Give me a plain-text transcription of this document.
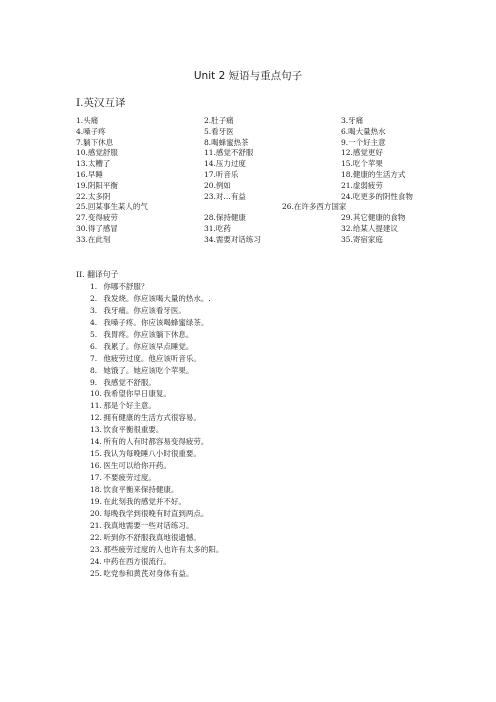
Unit 2 短语与重点句子
Ⅰ.英汉互译
1.头痛	2.肚子痛	3.牙痛
4.嗓子疼	5.看牙医	6.喝大量热水
7.躺下休息	8.喝蜂蜜热茶	9.一个好主意
10.感觉舒服	11.感觉不舒服	12.感觉更好
13.太糟了	14.压力过度	15.吃个苹果
16.早睡	17.听音乐	18.健康的生活方式
19.阴阳平衡	20.例如	21.虚弱疲劳
22.太多阴	23.对…有益	24.吃更多的阴性食物
25.回某事生某人的气	26.在许多西方国家
27.变得疲劳	28.保持健康	29.其它健康的食物
30.得了感冒	31.吃药	32.给某人提建议
33.在此刻	34.需要对话练习	35.寄宿家庭
II. 翻译句子
1. 你哪不舒服？
2. 我发烧。你应该喝大量的热水。.
3. 我牙痛。你应该看牙医。
4. 我嗓子疼。你应该喝蜂蜜绿茶。
5. 我胃疼。你应该躺下休息。
6. 我累了。你应该早点睡觉。
7. 他疲劳过度。他应该听音乐。
8. 她饿了。她应该吃个苹果。
9. 我感觉不舒服。
10. 我希望你早日康复。
11. 那是个好主意。
12. 拥有健康的生活方式很容易。
13. 饮食平衡很重要。
14. 所有的人有时都容易变得疲劳。
15. 我认为每晚睡八小时很重要。
16. 医生可以给你开药。
17. 不要疲劳过度。
18. 饮食平衡来保持健康。
19. 在此刻我的感觉并不好。
20. 每晚我学到很晚有时直到两点。
21. 我真地需要一些对话练习。
22. 听到你不舒服我真地很遗憾。
23. 那些疲劳过度的人也许有太多的阳。
24. 中药在西方很流行。
25. 吃党参和黄芪对身体有益。
